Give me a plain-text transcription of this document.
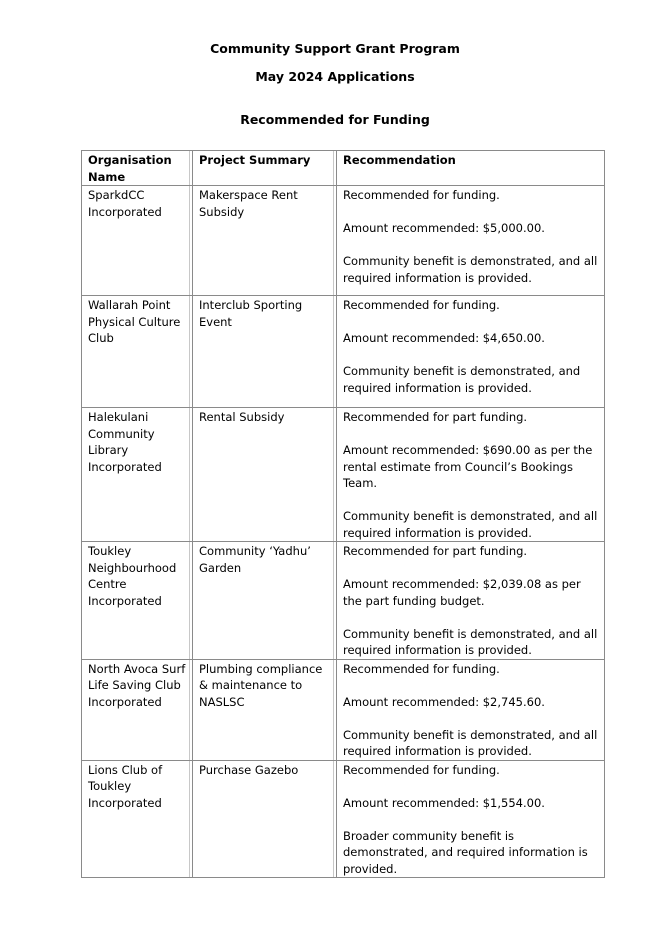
Community Support Grant Program
May 2024 Applications
Recommended for Funding
Organisation Name	Project Summary	Recommendation
SparkdCC Incorporated	Makerspace Rent Subsidy	Recommended for funding.
Amount recommended: $5,000.00.
Community benefit is demonstrated, and all required information is provided.

Wallarah Point Physical Culture Club	Interclub Sporting Event	Recommended for funding.
Amount recommended: $4,650.00.
Community benefit is demonstrated, and required information is provided.

Halekulani Community Library Incorporated	Rental Subsidy	Recommended for part funding.
Amount recommended: $690.00 as per the rental estimate from Council’s Bookings Team.
Community benefit is demonstrated, and all required information is provided.

Toukley Neighbourhood Centre Incorporated	Community ‘Yadhu’ Garden	Recommended for part funding.
Amount recommended: $2,039.08 as per the part funding budget.
Community benefit is demonstrated, and all required information is provided.

North Avoca Surf Life Saving Club Incorporated	Plumbing compliance & maintenance to NASLSC	Recommended for funding.
Amount recommended: $2,745.60.
Community benefit is demonstrated, and all required information is provided.

Lions Club of Toukley Incorporated	Purchase Gazebo	Recommended for funding.
Amount recommended: $1,554.00.
Broader community benefit is demonstrated, and required information is provided.
